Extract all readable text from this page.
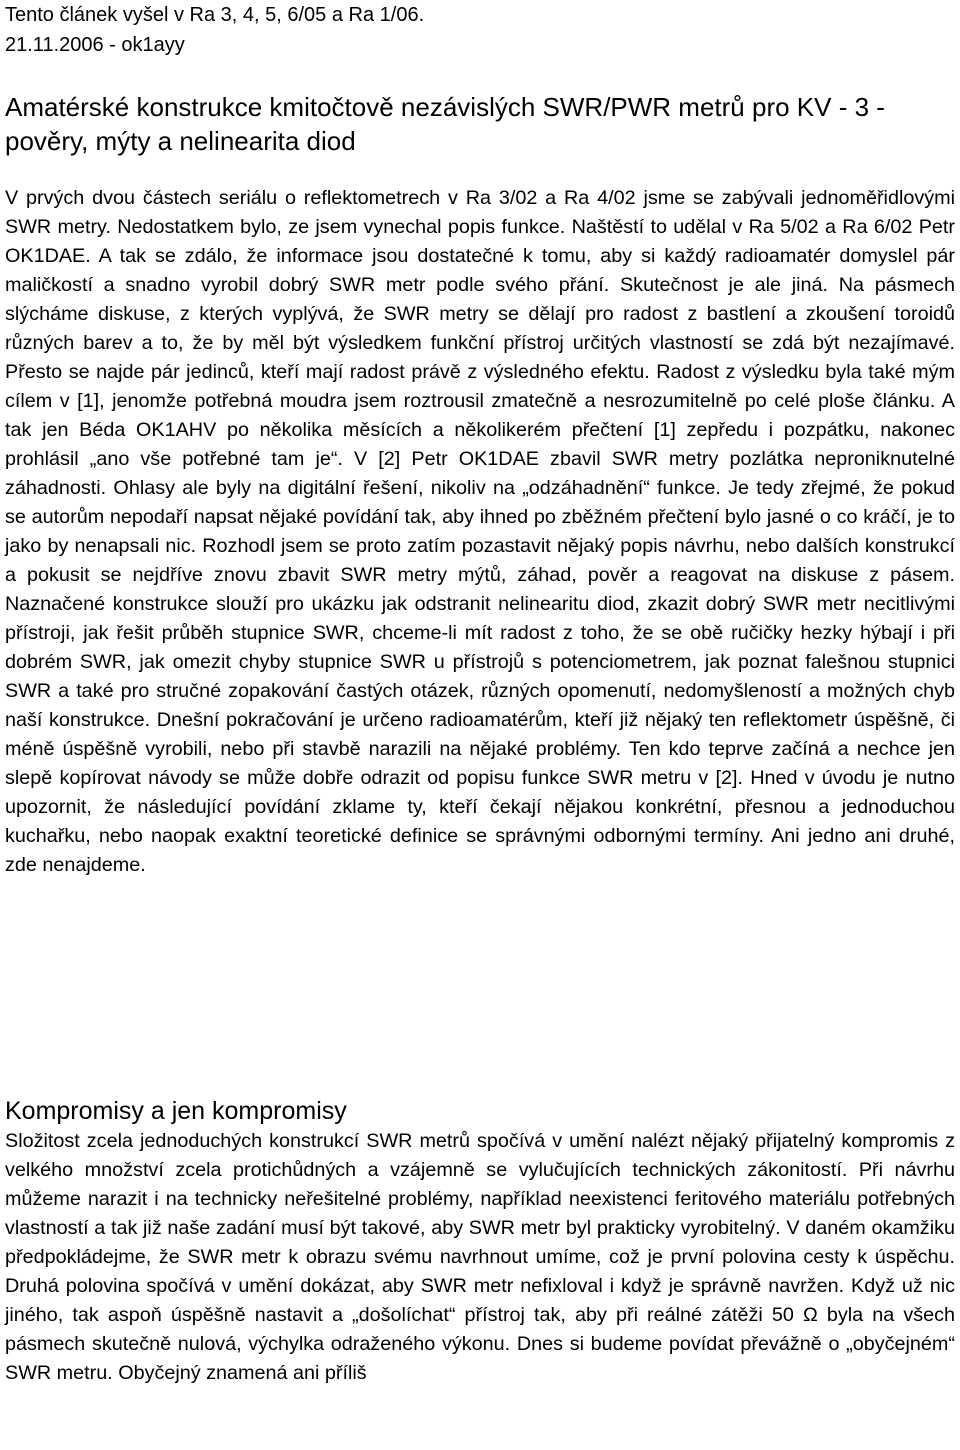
Tento článek vyšel v Ra 3, 4, 5, 6/05 a Ra 1/06.
21.11.2006 - ok1ayy

Amatérské konstrukce kmitočtově nezávislých SWR/PWR metrů pro KV - 3 - pověry, mýty a nelinearita diod

V prvých dvou částech seriálu o reflektometrech v Ra 3/02 a Ra 4/02 jsme se zabývali jednoměřidlovými SWR metry. Nedostatkem bylo, ze jsem vynechal popis funkce. Naštěstí to udělal v Ra 5/02 a Ra 6/02 Petr OK1DAE. A tak se zdálo, že informace jsou dostatečné k tomu, aby si každý radioamatér domyslel pár maličkostí a snadno vyrobil dobrý SWR metr podle svého přání. Skutečnost je ale jiná. Na pásmech slýcháme diskuse, z kterých vyplývá, že SWR metry se dělají pro radost z bastlení a zkoušení toroidů různých barev a to, že by měl být výsledkem funkční přístroj určitých vlastností se zdá být nezajímavé. Přesto se najde pár jedinců, kteří mají radost právě z výsledného efektu. Radost z výsledku byla také mým cílem v [1], jenomže potřebná moudra jsem roztrousil zmatečně a nesrozumitelně po celé ploše článku. A tak jen Béda OK1AHV po několika měsících a několikerém přečtení [1] zepředu i pozpátku, nakonec prohlásil „ano vše potřebné tam je“. V [2] Petr OK1DAE zbavil SWR metry pozlátka neproniknutelné záhadnosti. Ohlasy ale byly na digitální řešení, nikoliv na „odzáhadnění“ funkce. Je tedy zřejmé, že pokud se autorům nepodaří napsat nějaké povídání tak, aby ihned po zběžném přečtení bylo jasné o co kráčí, je to jako by nenapsali nic. Rozhodl jsem se proto zatím pozastavit nějaký popis návrhu, nebo dalších konstrukcí a pokusit se nejdříve znovu zbavit SWR metry mýtů, záhad, pověr a reagovat na diskuse z pásem. Naznačené konstrukce slouží pro ukázku jak odstranit nelinearitu diod, zkazit dobrý SWR metr necitlivými přístroji, jak řešit průběh stupnice SWR, chceme-li mít radost z toho, že se obě ručičky hezky hýbají i při dobrém SWR, jak omezit chyby stupnice SWR u přístrojů s potenciometrem, jak poznat falešnou stupnici SWR a také pro stručné zopakování častých otázek, různých opomenutí, nedomyšleností a možných chyb naší konstrukce. Dnešní pokračování je určeno radioamatérům, kteří již nějaký ten reflektometr úspěšně, či méně úspěšně vyrobili, nebo při stavbě narazili na nějaké problémy. Ten kdo teprve začíná a nechce jen slepě kopírovat návody se může dobře odrazit od popisu funkce SWR metru v [2]. Hned v úvodu je nutno upozornit, že následující povídání zklame ty, kteří čekají nějakou konkrétní, přesnou a jednoduchou kuchařku, nebo naopak exaktní teoretické definice se správnými odbornými termíny. Ani jedno ani druhé, zde nenajdeme.

Kompromisy a jen kompromisy

Složitost zcela jednoduchých konstrukcí SWR metrů spočívá v umění nalézt nějaký přijatelný kompromis z velkého množství zcela protichůdných a vzájemně se vylučujících technických zákonitostí. Při návrhu můžeme narazit i na technicky neřešitelné problémy, například neexistenci feritového materiálu potřebných vlastností a tak již naše zadání musí být takové, aby SWR metr byl prakticky vyrobitelný. V daném okamžiku předpokládejme, že SWR metr k obrazu svému navrhnout umíme, což je první polovina cesty k úspěchu. Druhá polovina spočívá v umění dokázat, aby SWR metr nefixloval i když je správně navržen. Když už nic jiného, tak aspoň úspěšně nastavit a „došolíchat“ přístroj tak, aby při reálné zátěži 50 Ω byla na všech pásmech skutečně nulová, výchylka odraženého výkonu. Dnes si budeme povídat převážně o „obyčejném“ SWR metru. Obyčejný znamená ani příliš
